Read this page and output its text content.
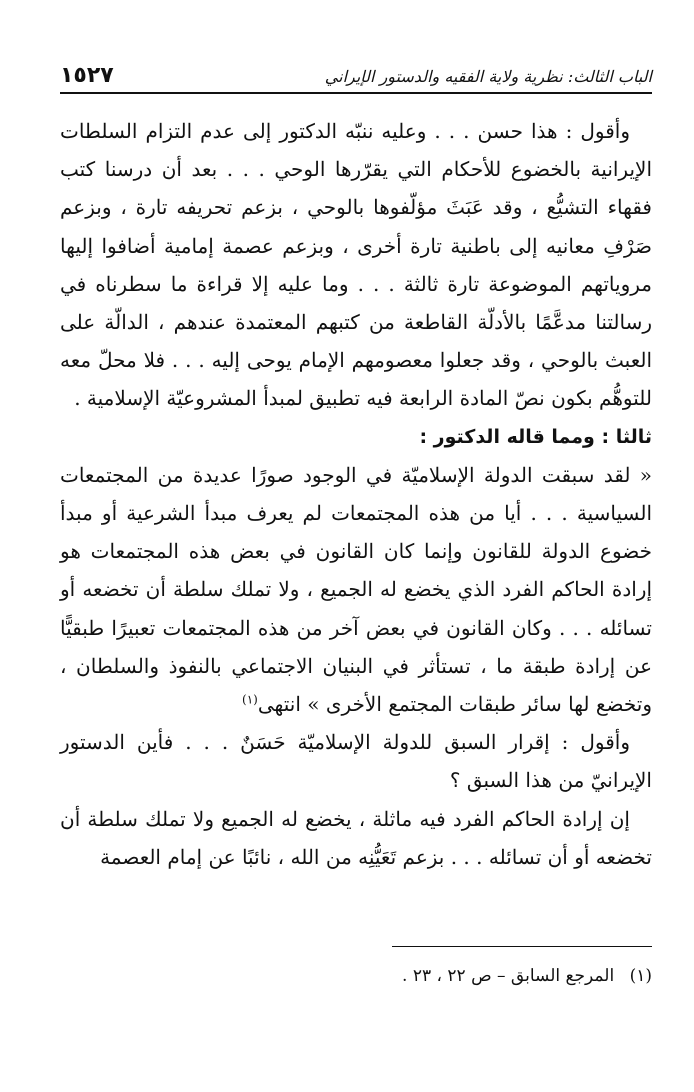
١٥٢٧	الباب الثالث: نظرية ولاية الفقيه والدستور الإيراني

وأقول : هذا حسن . . . وعليه ننبّه الدكتور إلى عدم التزام السلطات الإيرانية بالخضوع للأحكام التي يقرّرها الوحي . . . بعد أن درسنا كتب فقهاء التشيُّع ، وقد عَبَثَ مؤلّفوها بالوحي ، بزعم تحريفه تارة ، وبزعم صَرْفِ معانيه إلى باطنية تارة أخرى ، وبزعم عصمة إمامية أضافوا إليها مروياتهم الموضوعة تارة ثالثة . . . وما عليه إلا قراءة ما سطرناه في رسالتنا مدعَّمًا بالأدلّة القاطعة من كتبهم المعتمدة عندهم ، الدالّة على العبث بالوحي ، وقد جعلوا معصومهم الإمام يوحى إليه . . . فلا محلّ معه للتوهُّم بكون نصّ المادة الرابعة فيه تطبيق لمبدأ المشروعيّة الإسلامية .

ثالثا : ومما قاله الدكتور :

« لقد سبقت الدولة الإسلاميّة في الوجود صورًا عديدة من المجتمعات السياسية . . . أيا من هذه المجتمعات لم يعرف مبدأ الشرعية أو مبدأ خضوع الدولة للقانون وإنما كان القانون في بعض هذه المجتمعات هو إرادة الحاكم الفرد الذي يخضع له الجميع ، ولا تملك سلطة أن تخضعه أو تسائله . . . وكان القانون في بعض آخر من هذه المجتمعات تعبيرًا طبقيًّا عن إرادة طبقة ما ، تستأثر في البنيان الاجتماعي بالنفوذ والسلطان ، وتخضع لها سائر طبقات المجتمع الأخرى » انتهى$^{(١)}$

وأقول : إقرار السبق للدولة الإسلاميّة حَسَنٌ . . . فأين الدستور الإيرانيّ من هذا السبق ؟

إن إرادة الحاكم الفرد فيه ماثلة ، يخضع له الجميع ولا تملك سلطة أن تخضعه أو أن تسائله . . . بزعم تَعَيُّنِه من الله ، نائبًا عن إمام العصمة

(١) المرجع السابق – ص ٢٢ ، ٢٣ .
